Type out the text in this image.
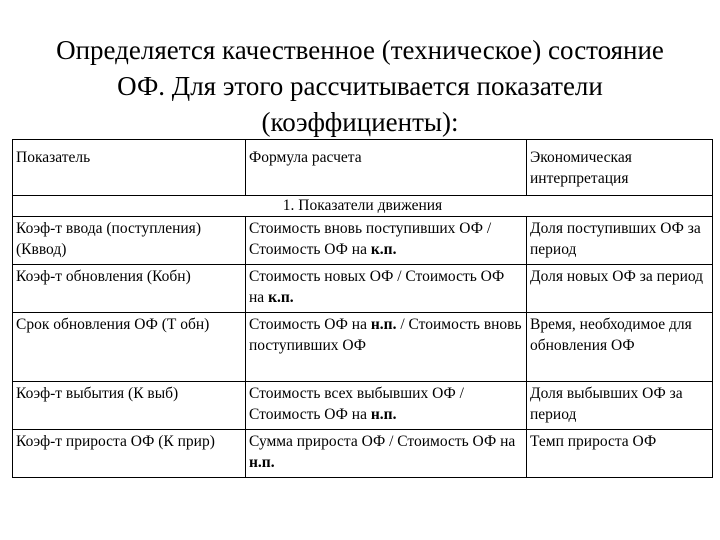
Определяется качественное (техническое) состояние
ОФ. Для этого рассчитывается показатели
(коэффициенты):
Показатель	Формула расчета	Экономическая интерпретация
1. Показатели движения		
Коэф-т ввода (поступления) (Кввод)	Стоимость вновь поступивших ОФ / Стоимость ОФ на к.п.	Доля поступивших ОФ за период
Коэф-т обновления (Кобн)	Стоимость новых ОФ / Стоимость ОФ на к.п.	Доля новых ОФ за период
Срок обновления ОФ (Т обн)	Стоимость ОФ на н.п. / Стоимость вновь поступивших ОФ	Время, необходимое для обновления ОФ
Коэф-т выбытия (К выб)	Стоимость всех выбывших ОФ / Стоимость ОФ на н.п.	Доля выбывших ОФ за период
Коэф-т прироста ОФ (К прир)	Сумма прироста ОФ / Стоимость ОФ на н.п.	Темп прироста ОФ
